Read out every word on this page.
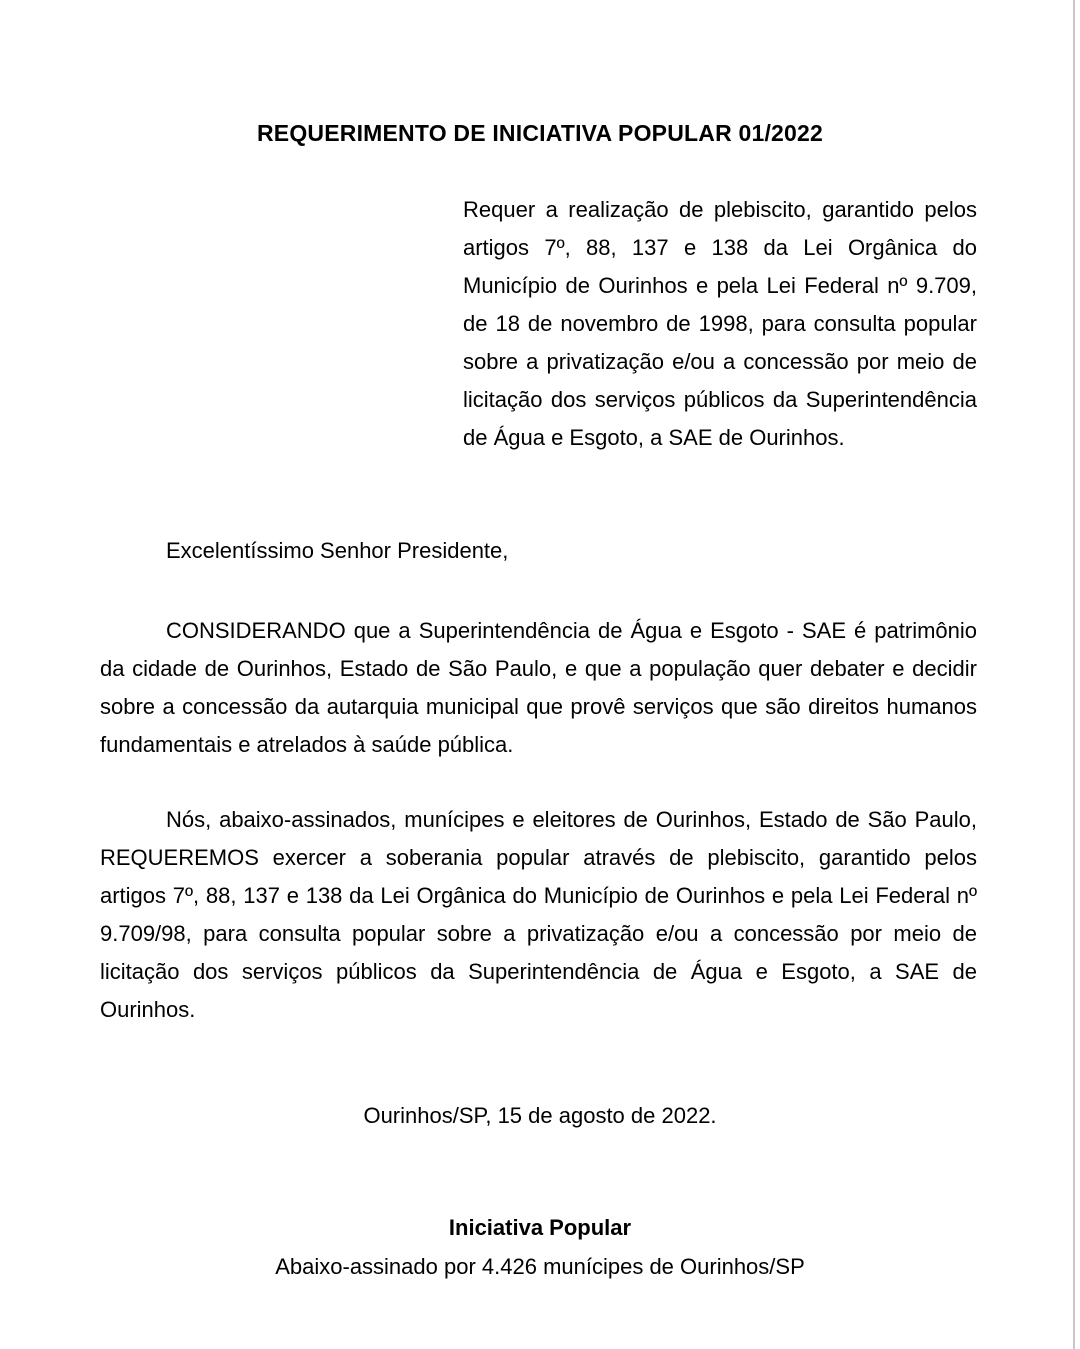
REQUERIMENTO DE INICIATIVA POPULAR 01/2022
Requer a realização de plebiscito, garantido pelos artigos 7º, 88, 137 e 138 da Lei Orgânica do Município de Ourinhos e pela Lei Federal nº 9.709, de 18 de novembro de 1998, para consulta popular sobre a privatização e/ou a concessão por meio de licitação dos serviços públicos da Superintendência de Água e Esgoto, a SAE de Ourinhos.
Excelentíssimo Senhor Presidente,
CONSIDERANDO que a Superintendência de Água e Esgoto - SAE é patrimônio da cidade de Ourinhos, Estado de São Paulo, e que a população quer debater e decidir sobre a concessão da autarquia municipal que provê serviços que são direitos humanos fundamentais e atrelados à saúde pública.
Nós, abaixo-assinados, munícipes e eleitores de Ourinhos, Estado de São Paulo, REQUEREMOS exercer a soberania popular através de plebiscito, garantido pelos artigos 7º, 88, 137 e 138 da Lei Orgânica do Município de Ourinhos e pela Lei Federal nº 9.709/98, para consulta popular sobre a privatização e/ou a concessão por meio de licitação dos serviços públicos da Superintendência de Água e Esgoto, a SAE de Ourinhos.
Ourinhos/SP, 15 de agosto de 2022.
Iniciativa Popular
Abaixo-assinado por 4.426 munícipes de Ourinhos/SP
